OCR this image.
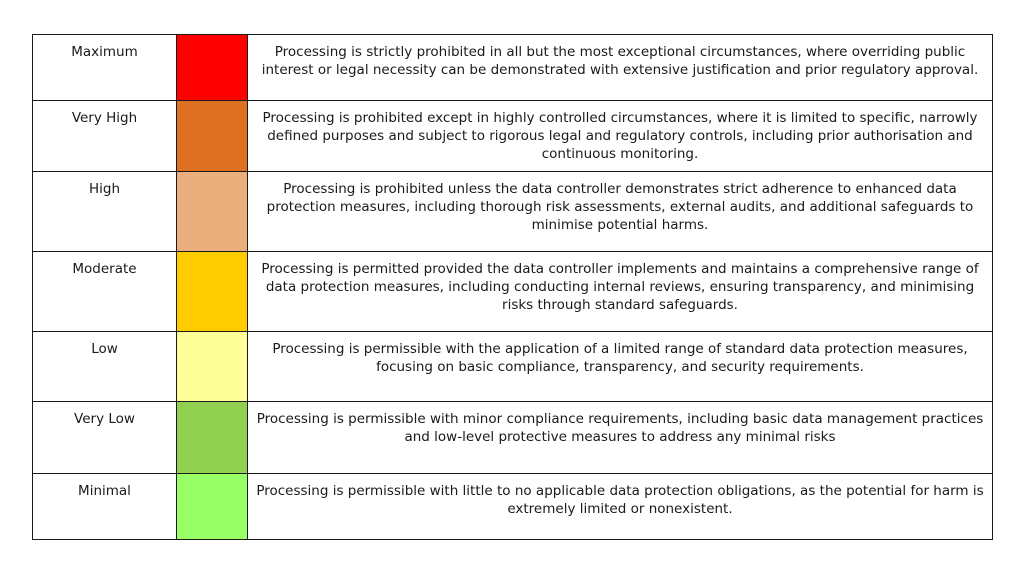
Maximum		Processing is strictly prohibited in all but the most exceptional circumstances, where overriding public interest or legal necessity can be demonstrated with extensive justification and prior regulatory approval.
Very High		Processing is prohibited except in highly controlled circumstances, where it is limited to specific, narrowly defined purposes and subject to rigorous legal and regulatory controls, including prior authorisation and continuous monitoring.
High		Processing is prohibited unless the data controller demonstrates strict adherence to enhanced data protection measures, including thorough risk assessments, external audits, and additional safeguards to minimise potential harms.
Moderate		Processing is permitted provided the data controller implements and maintains a comprehensive range of data protection measures, including conducting internal reviews, ensuring transparency, and minimising risks through standard safeguards.
Low		Processing is permissible with the application of a limited range of standard data protection measures, focusing on basic compliance, transparency, and security requirements.
Very Low		Processing is permissible with minor compliance requirements, including basic data management practices and low-level protective measures to address any minimal risks
Minimal		Processing is permissible with little to no applicable data protection obligations, as the potential for harm is extremely limited or nonexistent.
